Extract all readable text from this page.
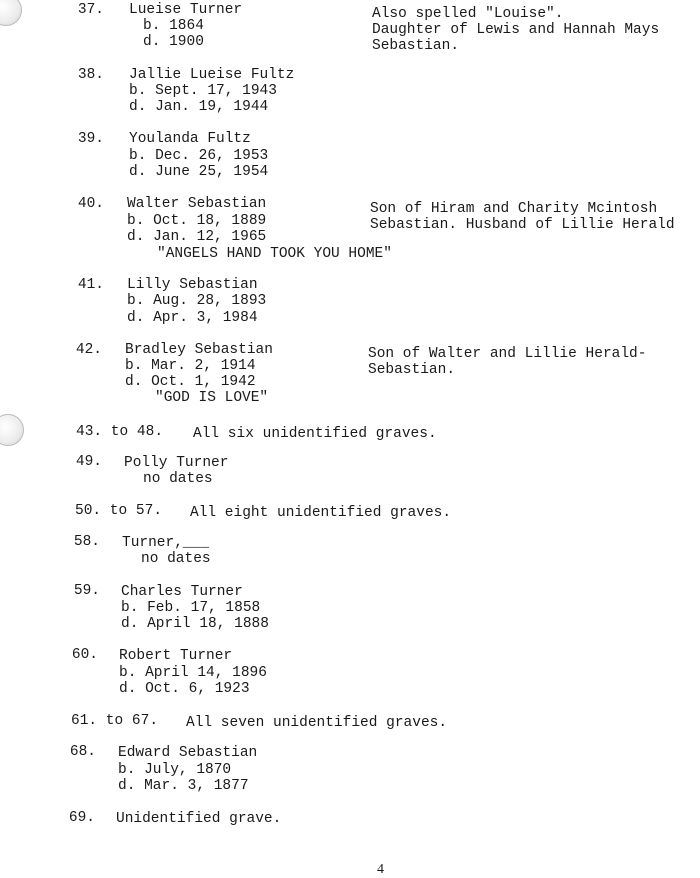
37. Lueise Turner
b. 1864
d. 1900
Also spelled "Louise".
Daughter of Lewis and Hannah Mays
Sebastian.
38. Jallie Lueise Fultz
b. Sept. 17, 1943
d. Jan. 19, 1944
39. Youlanda Fultz
b. Dec. 26, 1953
d. June 25, 1954
40. Walter Sebastian
b. Oct. 18, 1889
d. Jan. 12, 1965
"ANGELS HAND TOOK YOU HOME"
Son of Hiram and Charity Mcintosh
Sebastian. Husband of Lillie Herald
41. Lilly Sebastian
b. Aug. 28, 1893
d. Apr. 3, 1984
42. Bradley Sebastian
b. Mar. 2, 1914
d. Oct. 1, 1942
"GOD IS LOVE"
Son of Walter and Lillie Herald-
Sebastian.
43. to 48. All six unidentified graves.
49. Polly Turner
no dates
50. to 57. All eight unidentified graves.
58. Turner,___
no dates
59. Charles Turner
b. Feb. 17, 1858
d. April 18, 1888
60. Robert Turner
b. April 14, 1896
d. Oct. 6, 1923
61. to 67. All seven unidentified graves.
68. Edward Sebastian
b. July, 1870
d. Mar. 3, 1877
69. Unidentified grave.
4
